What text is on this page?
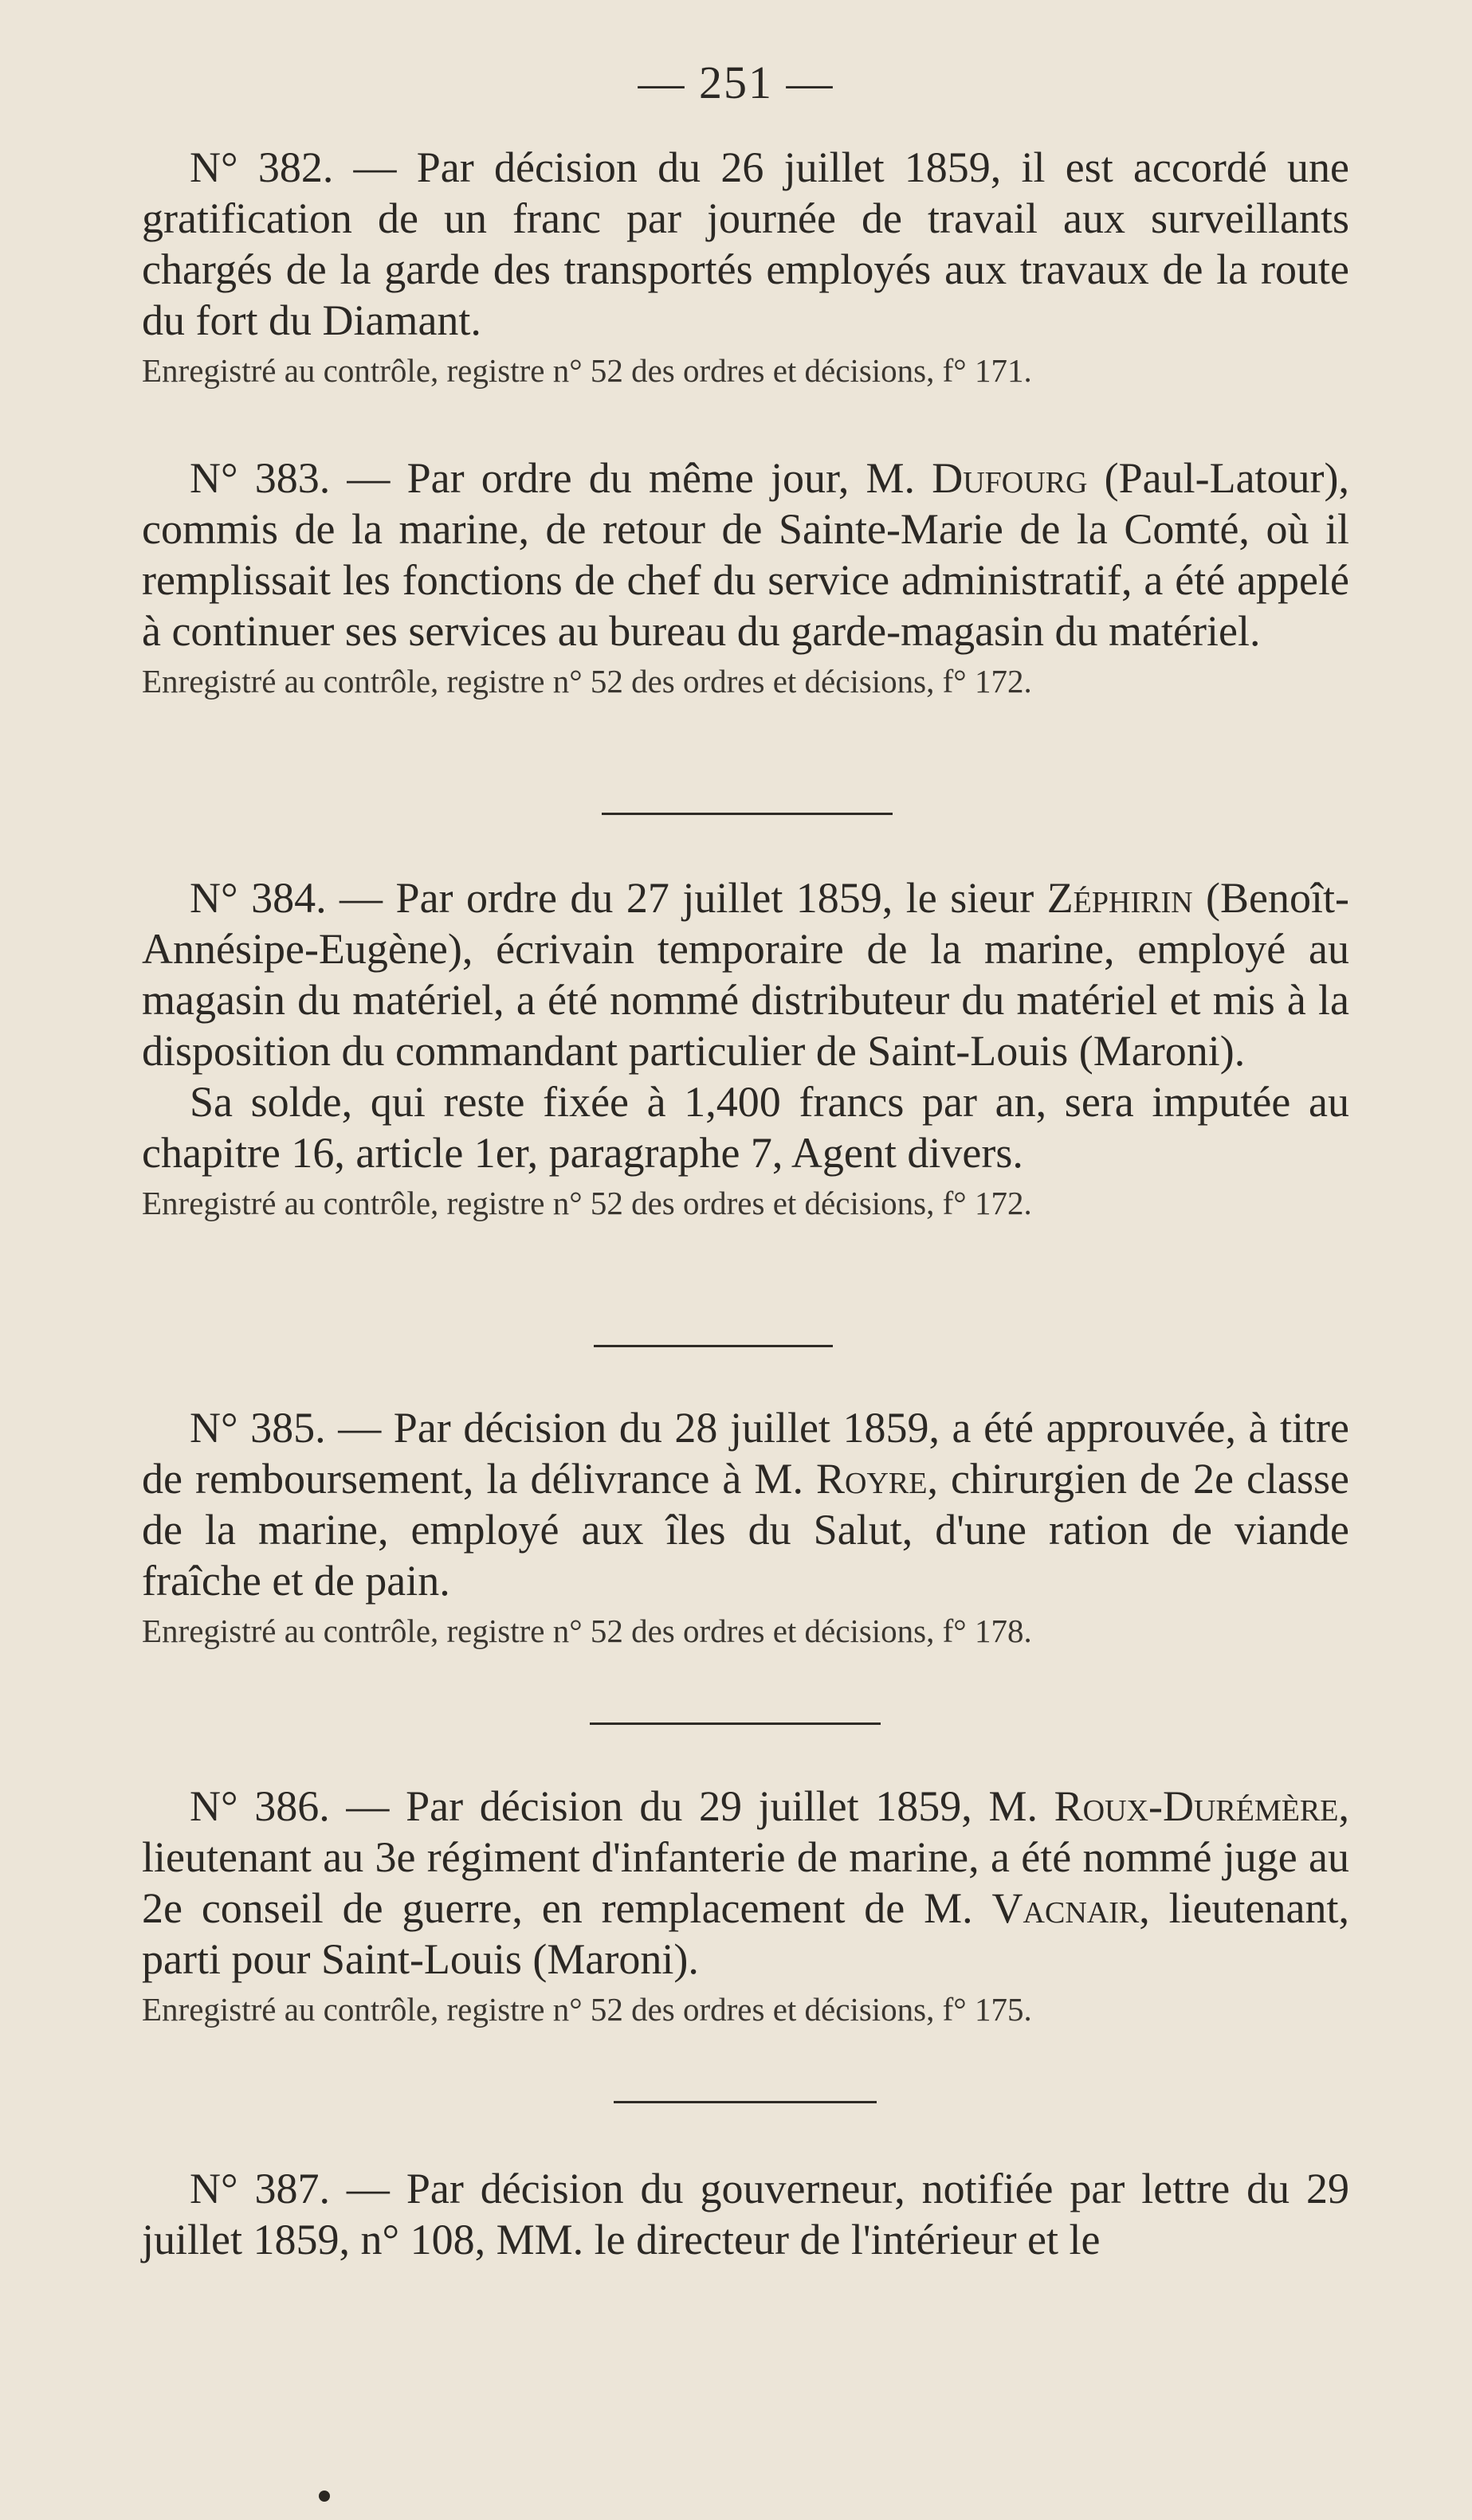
— 251 —

N° 382. — Par décision du 26 juillet 1859, il est accordé une gratification de un franc par journée de travail aux surveillants chargés de la garde des transportés employés aux travaux de la route du fort du Diamant.

Enregistré au contrôle, registre n° 52 des ordres et décisions, f° 171.

N° 383. — Par ordre du même jour, M. Dufourg (Paul-Latour), commis de la marine, de retour de Sainte-Marie de la Comté, où il remplissait les fonctions de chef du service administratif, a été appelé à continuer ses services au bureau du garde-magasin du matériel.

Enregistré au contrôle, registre n° 52 des ordres et décisions, f° 172.

N° 384. — Par ordre du 27 juillet 1859, le sieur Zéphirin (Benoît-Annésipe-Eugène), écrivain temporaire de la marine, employé au magasin du matériel, a été nommé distributeur du matériel et mis à la disposition du commandant particulier de Saint-Louis (Maroni).

Sa solde, qui reste fixée à 1,400 francs par an, sera imputée au chapitre 16, article 1er, paragraphe 7, Agent divers.

Enregistré au contrôle, registre n° 52 des ordres et décisions, f° 172.

N° 385. — Par décision du 28 juillet 1859, a été approuvée, à titre de remboursement, la délivrance à M. Royre, chirurgien de 2e classe de la marine, employé aux îles du Salut, d'une ration de viande fraîche et de pain.

Enregistré au contrôle, registre n° 52 des ordres et décisions, f° 178.

N° 386. — Par décision du 29 juillet 1859, M. Roux-Durémère, lieutenant au 3e régiment d'infanterie de marine, a été nommé juge au 2e conseil de guerre, en remplacement de M. Vacnair, lieutenant, parti pour Saint-Louis (Maroni).

Enregistré au contrôle, registre n° 52 des ordres et décisions, f° 175.

N° 387. — Par décision du gouverneur, notifiée par lettre du 29 juillet 1859, n° 108, MM. le directeur de l'intérieur et le
